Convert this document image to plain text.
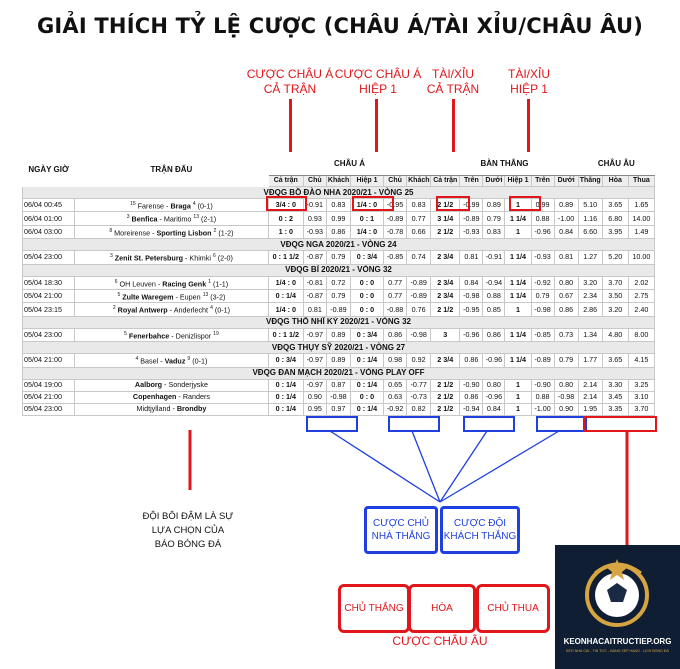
GIẢI THÍCH TỶ LỆ CƯỢC (CHÂU Á/TÀI XỈU/CHÂU ÂU)
CƯỢC CHÂU Á
CẢ TRẬN
CƯỢC CHÂU Á
HIỆP 1
TÀI/XỈU
CẢ TRẬN
TÀI/XỈU
HIỆP 1
NGÀY GIỜ	TRẬN ĐẤU	CHÂU Á						BÀN THẮNG						CHÂU ÂU		
		Cả trận	Chủ	Khách	Hiệp 1	Chủ	Khách	Cả trận	Trên	Dưới	Hiệp 1	Trên	Dưới	Thắng	Hòa	Thua
VĐQG BỒ ĐÀO NHA 2020/21 - VÒNG 25																
06/04 00:45	$^{15}$ Farense - Braga $^4$ (0-1)	3/4 : 0	-0.91	0.83	1/4 : 0	-0.95	0.83	2 1/2	-0.99	0.89	1	0.99	0.89	5.10	3.65	1.65
06/04 01:00	$^3$ Benfica - Maritimo $^{13}$ (2-1)	0 : 2	0.93	0.99	0 : 1	-0.89	0.77	3 1/4	-0.89	0.79	1 1/4	0.88	-1.00	1.16	6.80	14.00
06/04 03:00	$^8$ Moreirense - Sporting Lisbon $^2$ (1-2)	1 : 0	-0.93	0.86	1/4 : 0	-0.78	0.66	2 1/2	-0.93	0.83	1	-0.96	0.84	6.60	3.95	1.49
VĐQG NGA 2020/21 - VÒNG 24																
05/04 23:00	$^3$ Zenit St. Petersburg - Khimki $^6$ (2-0)	0 : 1 1/2	-0.87	0.79	0 : 3/4	-0.85	0.74	2 3/4	0.81	-0.91	1 1/4	-0.93	0.81	1.27	5.20	10.00
VĐQG BỈ 2020/21 - VÒNG 32																
05/04 18:30	$^6$ OH Leuven - Racing Genk $^1$ (1-1)	1/4 : 0	-0.81	0.72	0 : 0	0.77	-0.89	2 3/4	0.84	-0.94	1 1/4	-0.92	0.80	3.20	3.70	2.02
05/04 21:00	$^5$ Zulte Waregem - Eupen $^{13}$ (3-2)	0 : 1/4	-0.87	0.79	0 : 0	0.77	-0.89	2 3/4	-0.98	0.88	1 1/4	0.79	0.67	2.34	3.50	2.75
05/04 23:15	$^2$ Royal Antwerp - Anderlecht $^4$ (0-1)	1/4 : 0	0.81	-0.89	0 : 0	-0.88	0.76	2 1/2	-0.95	0.85	1	-0.98	0.86	2.86	3.20	2.40
VĐQG THỔ NHĨ KỲ 2020/21 - VÒNG 32																
05/04 23:00	$^5$ Fenerbahce - Denizlispor $^{19}$	0 : 1 1/2	-0.97	0.89	0 : 3/4	0.86	-0.98	3	-0.96	0.86	1 1/4	-0.85	0.73	1.34	4.80	8.00
VĐQG THỤY SỸ 2020/21 - VÒNG 27																
05/04 21:00	$^4$ Basel - Vaduz $^9$ (0-1)	0 : 3/4	-0.97	0.89	0 : 1/4	0.98	0.92	2 3/4	0.86	-0.96	1 1/4	-0.89	0.79	1.77	3.65	4.15
VĐQG ĐAN MẠCH 2020/21 - VÒNG PLAY OFF																
05/04 19:00	Aalborg - Sonderjyske	0 : 1/4	-0.97	0.87	0 : 1/4	0.65	-0.77	2 1/2	-0.90	0.80	1	-0.90	0.80	2.14	3.30	3.25
05/04 21:00	Copenhagen - Randers	0 : 1/4	0.90	-0.98	0 : 0	0.63	-0.73	2 1/2	0.86	-0.96	1	0.88	-0.98	2.14	3.45	3.10
05/04 23:00	Midtjylland - Brondby	0 : 1/4	0.95	0.97	0 : 1/4	-0.92	0.82	2 1/2	-0.94	0.84	1	-1.00	0.90	1.95	3.35	3.70
CƯỢC CHỦ
NHÀ THẮNG
CƯỢC ĐỘI
KHÁCH THẮNG
ĐỘI BÔI ĐẬM LÀ SỰ
LỰA CHỌN CỦA
BÁO BÓNG ĐÁ
CHỦ THẮNG	HÒA	CHỦ THUA
CƯỢC CHÂU ÂU	KEONHACAITRUCTIEP.ORG
KÈO NHÀ CÁI - TIN TỨC - BẢNG XẾP HẠNG - LỊCH BÓNG ĐÁ
